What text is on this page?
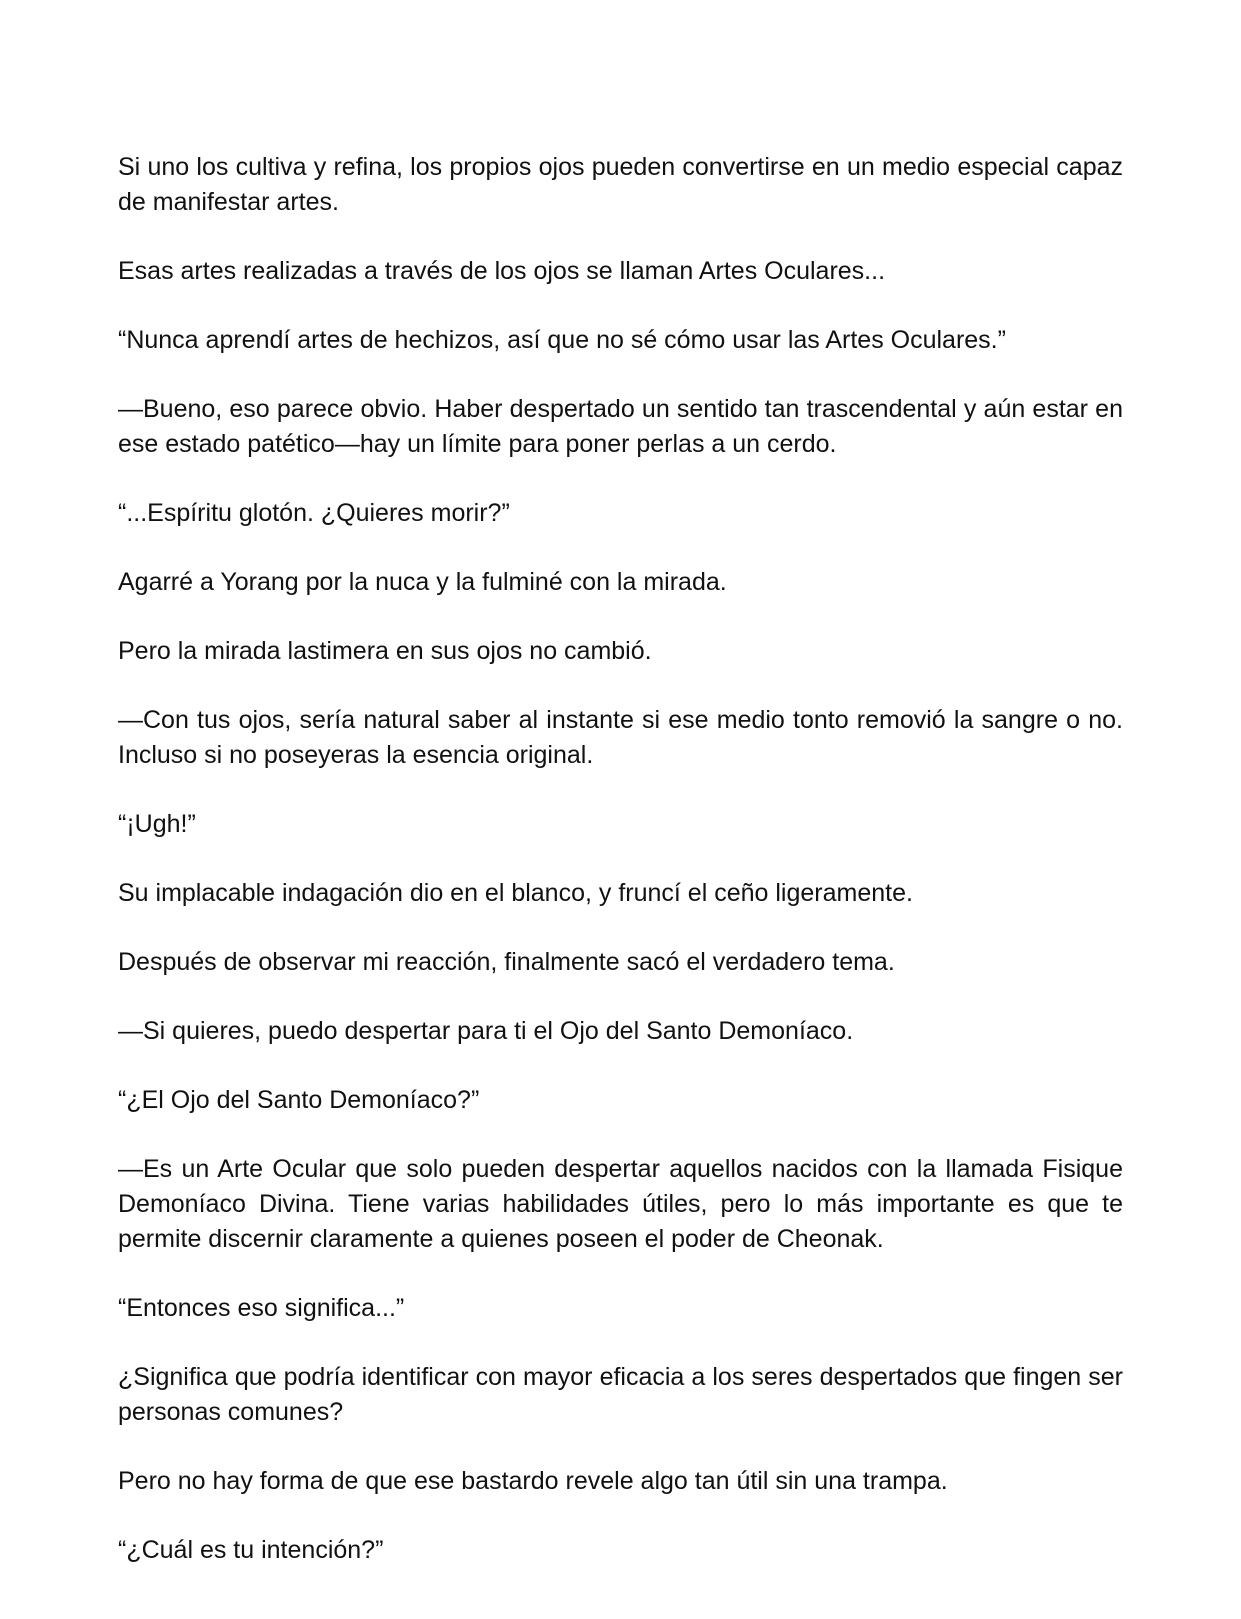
Si uno los cultiva y refina, los propios ojos pueden convertirse en un medio especial capaz de manifestar artes.

Esas artes realizadas a través de los ojos se llaman Artes Oculares...

“Nunca aprendí artes de hechizos, así que no sé cómo usar las Artes Oculares.”

—Bueno, eso parece obvio. Haber despertado un sentido tan trascendental y aún estar en ese estado patético—hay un límite para poner perlas a un cerdo.

“...Espíritu glotón. ¿Quieres morir?”

Agarré a Yorang por la nuca y la fulminé con la mirada.

Pero la mirada lastimera en sus ojos no cambió.

—Con tus ojos, sería natural saber al instante si ese medio tonto removió la sangre o no. Incluso si no poseyeras la esencia original.

“¡Ugh!”

Su implacable indagación dio en el blanco, y fruncí el ceño ligeramente.

Después de observar mi reacción, finalmente sacó el verdadero tema.

—Si quieres, puedo despertar para ti el Ojo del Santo Demoníaco.

“¿El Ojo del Santo Demoníaco?”

—Es un Arte Ocular que solo pueden despertar aquellos nacidos con la llamada Fisique Demoníaco Divina. Tiene varias habilidades útiles, pero lo más importante es que te permite discernir claramente a quienes poseen el poder de Cheonak.

“Entonces eso significa...”

¿Significa que podría identificar con mayor eficacia a los seres despertados que fingen ser personas comunes?

Pero no hay forma de que ese bastardo revele algo tan útil sin una trampa.

“¿Cuál es tu intención?”
